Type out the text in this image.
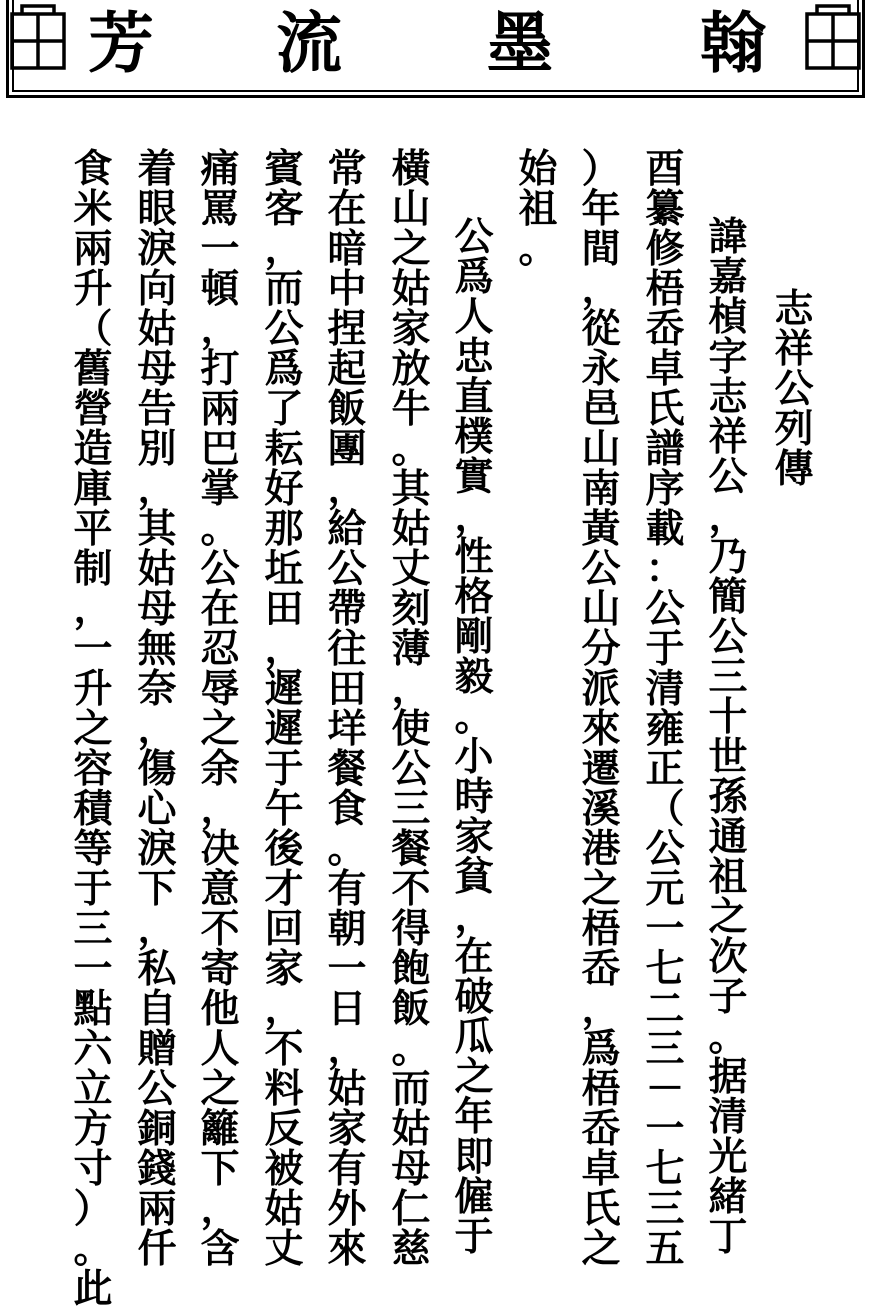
翰
墨
流
芳
志
祥
公
列
傳
諱
嘉
楨
字
志
祥
公
，
乃
簡
公
三
十
世
孫
通
祖
之
次
子
。
据
清
光
緒
丁
酉
纂
修
梧
岙
卓
氏
譜
序
載
：
公
于
清
雍
正
（
公
元
一
七
二
三
－
一
七
三
五
）
年
間
，
從
永
邑
山
南
黃
公
山
分
派
來
遷
溪
港
之
梧
岙
，
爲
梧
岙
卓
氏
之
始
祖
。
公
爲
人
忠
直
樸
實
，
性
格
剛
毅
。
小
時
家
貧
，
在
破
瓜
之
年
即
僱
于
橫
山
之
姑
家
放
牛
。
其
姑
丈
刻
薄
，
使
公
三
餐
不
得
飽
飯
。
而
姑
母
仁
慈
常
在
暗
中
捏
起
飯
團
，
給
公
帶
往
田
垟
餐
食
。
有
朝
一
日
，
姑
家
有
外
來
賓
客
，
而
公
爲
了
耘
好
那
坵
田
，
遲
遲
于
午
後
才
回
家
，
不
料
反
被
姑
丈
痛
罵
一
頓
，
打
兩
巴
掌
。
公
在
忍
辱
之
余
，
决
意
不
寄
他
人
之
籬
下
，
含
着
眼
淚
向
姑
母
告
別
，
其
姑
母
無
奈
，
傷
心
淚
下
，
私
自
贈
公
銅
錢
兩
仟
食
米
兩
升
（
舊
營
造
庫
平
制
，
一
升
之
容
積
等
于
三
一
點
六
立
方
寸
）
。
此
